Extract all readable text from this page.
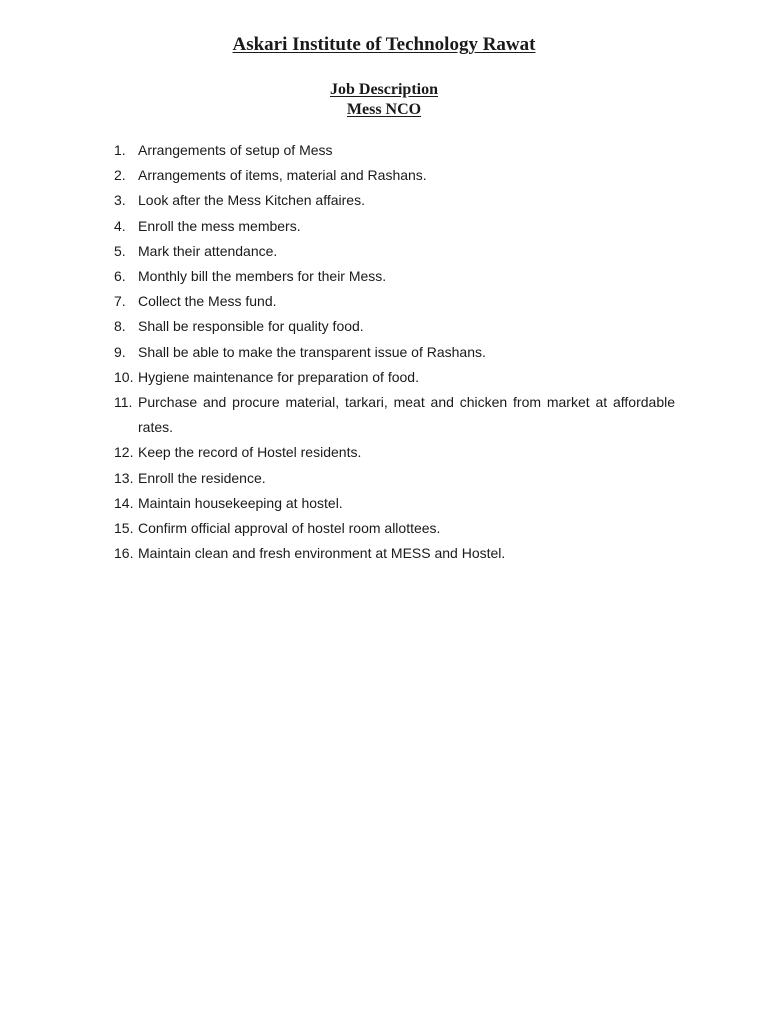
Askari Institute of Technology Rawat
Job Description
Mess NCO
1. Arrangements of setup of Mess
2. Arrangements of items, material and Rashans.
3. Look after the Mess Kitchen affaires.
4. Enroll the mess members.
5. Mark their attendance.
6. Monthly bill the members for their Mess.
7. Collect the Mess fund.
8. Shall be responsible for quality food.
9. Shall be able to make the transparent issue of Rashans.
10. Hygiene maintenance for preparation of food.
11. Purchase and procure material, tarkari, meat and chicken from market at affordable rates.
12. Keep the record of Hostel residents.
13. Enroll the residence.
14. Maintain housekeeping at hostel.
15. Confirm official approval of hostel room allottees.
16. Maintain clean and fresh environment at MESS and Hostel.
